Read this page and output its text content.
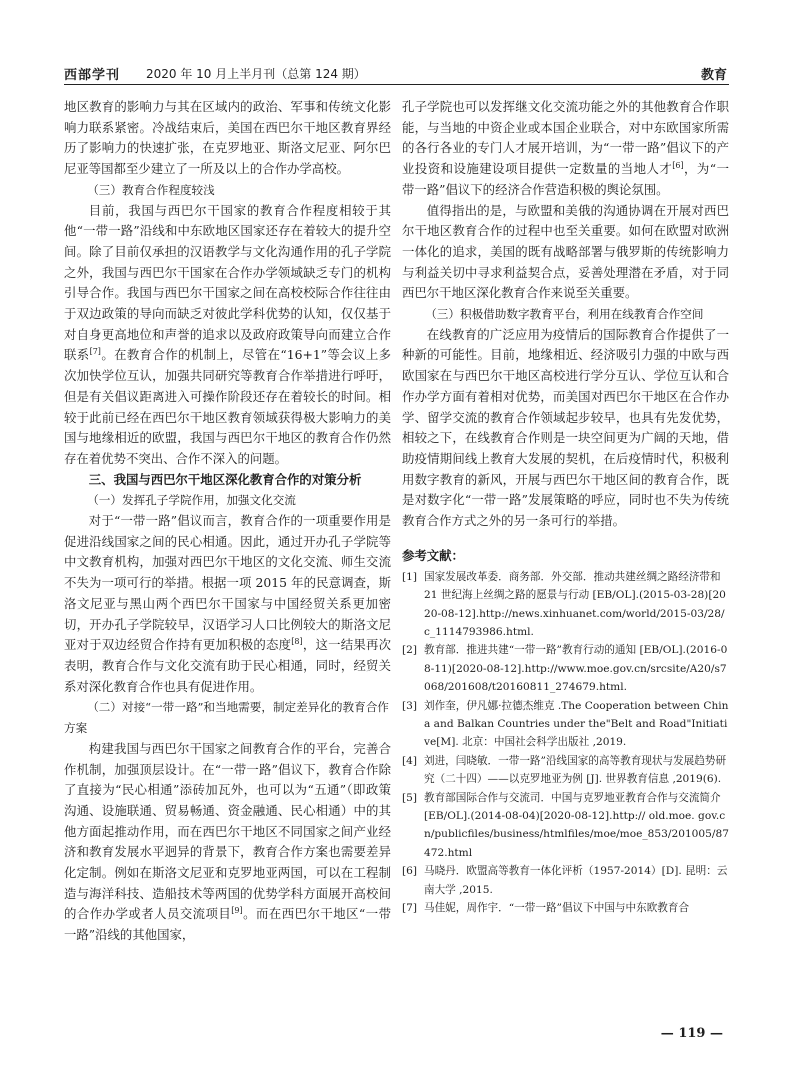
西部学刊 2020 年 10 月上半月刊（总第 124 期）	教育

地区教育的影响力与其在区域内的政治、军事和传统文化影响力联系紧密。冷战结束后，美国在西巴尔干地区教育界经历了影响力的快速扩张，在克罗地亚、斯洛文尼亚、阿尔巴尼亚等国都至少建立了一所及以上的合作办学高校。

（三）教育合作程度较浅

目前，我国与西巴尔干国家的教育合作程度相较于其他“一带一路”沿线和中东欧地区国家还存在着较大的提升空间。除了目前仅承担的汉语教学与文化沟通作用的孔子学院之外，我国与西巴尔干国家在合作办学领域缺乏专门的机构引导合作。我国与西巴尔干国家之间在高校校际合作往往由于双边政策的导向而缺乏对彼此学科优势的认知，仅仅基于对自身更高地位和声誉的追求以及政府政策导向而建立合作联系[7]。在教育合作的机制上，尽管在“16+1”等会议上多次加快学位互认，加强共同研究等教育合作举措进行呼吁，但是有关倡议距离进入可操作阶段还存在着较长的时间。相较于此前已经在西巴尔干地区教育领域获得极大影响力的美国与地缘相近的欧盟，我国与西巴尔干地区的教育合作仍然存在着优势不突出、合作不深入的问题。

三、我国与西巴尔干地区深化教育合作的对策分析
（一）发挥孔子学院作用，加强文化交流

对于“一带一路”倡议而言，教育合作的一项重要作用是促进沿线国家之间的民心相通。因此，通过开办孔子学院等中文教育机构，加强对西巴尔干地区的文化交流、师生交流不失为一项可行的举措。根据一项 2015 年的民意调查，斯洛文尼亚与黑山两个西巴尔干国家与中国经贸关系更加密切，开办孔子学院较早，汉语学习人口比例较大的斯洛文尼亚对于双边经贸合作持有更加积极的态度[8]，这一结果再次表明，教育合作与文化交流有助于民心相通，同时，经贸关系对深化教育合作也具有促进作用。

（二）对接“一带一路”和当地需要，制定差异化的教育合作方案

构建我国与西巴尔干国家之间教育合作的平台，完善合作机制，加强顶层设计。在“一带一路”倡议下，教育合作除了直接为“民心相通”添砖加瓦外，也可以为“五通”（即政策沟通、设施联通、贸易畅通、资金融通、民心相通）中的其他方面起推动作用，而在西巴尔干地区不同国家之间产业经济和教育发展水平迥异的背景下，教育合作方案也需要差异化定制。例如在斯洛文尼亚和克罗地亚两国，可以在工程制造与海洋科技、造船技术等两国的优势学科方面展开高校间的合作办学或者人员交流项目[9]。而在西巴尔干地区“一带一路”沿线的其他国家，

孔子学院也可以发挥继文化交流功能之外的其他教育合作职能，与当地的中资企业或本国企业联合，对中东欧国家所需的各行各业的专门人才展开培训，为“一带一路”倡议下的产业投资和设施建设项目提供一定数量的当地人才[6]，为“一带一路”倡议下的经济合作营造积极的舆论氛围。

值得指出的是，与欧盟和美俄的沟通协调在开展对西巴尔干地区教育合作的过程中也至关重要。如何在欧盟对欧洲一体化的追求，美国的既有战略部署与俄罗斯的传统影响力与利益关切中寻求利益契合点，妥善处理潜在矛盾，对于同西巴尔干地区深化教育合作来说至关重要。

（三）积极借助数字教育平台，利用在线教育合作空间

在线教育的广泛应用为疫情后的国际教育合作提供了一种新的可能性。目前，地缘相近、经济吸引力强的中欧与西欧国家在与西巴尔干地区高校进行学分互认、学位互认和合作办学方面有着相对优势，而美国对西巴尔干地区在合作办学、留学交流的教育合作领域起步较早，也具有先发优势，相较之下，在线教育合作则是一块空间更为广阔的天地，借助疫情期间线上教育大发展的契机，在后疫情时代，积极利用数字教育的新风，开展与西巴尔干地区间的教育合作，既是对数字化“一带一路”发展策略的呼应，同时也不失为传统教育合作方式之外的另一条可行的举措。

参考文献：
[1] 国家发展改革委．商务部．外交部．推动共建丝绸之路经济带和 21 世纪海上丝绸之路的愿景与行动 [EB/OL].(2015-03-28)[2020-08-12].http://news.xinhuanet.com/world/2015-03/28/c_1114793986.html.
[2] 教育部．推进共建“一带一路”教育行动的通知 [EB/OL].(2016-08-11)[2020-08-12].http://www.moe.gov.cn/srcsite/A20/s7068/201608/t20160811_274679.html.
[3] 刘作奎，伊凡娜·拉德杰维克 .The Cooperation between China and Balkan Countries under the"Belt and Road"Initiative[M]. 北京：中国社会科学出版社 ,2019.
[4] 刘进，闫晓敏．一带一路”沿线国家的高等教育现状与发展趋势研究（二十四）——以克罗地亚为例 [J]. 世界教育信息 ,2019(6).
[5] 教育部国际合作与交流司．中国与克罗地亚教育合作与交流简介 [EB/OL].(2014-08-04)[2020-08-12].http:// old.moe. gov.cn/publicfiles/business/htmlfiles/moe/moe_853/201005/87472.html
[6] 马晓丹．欧盟高等教育一体化评析（1957-2014）[D]. 昆明：云南大学 ,2015.
[7] 马佳妮，周作宇．“一带一路”倡议下中国与中东欧教育合
— 119 —
